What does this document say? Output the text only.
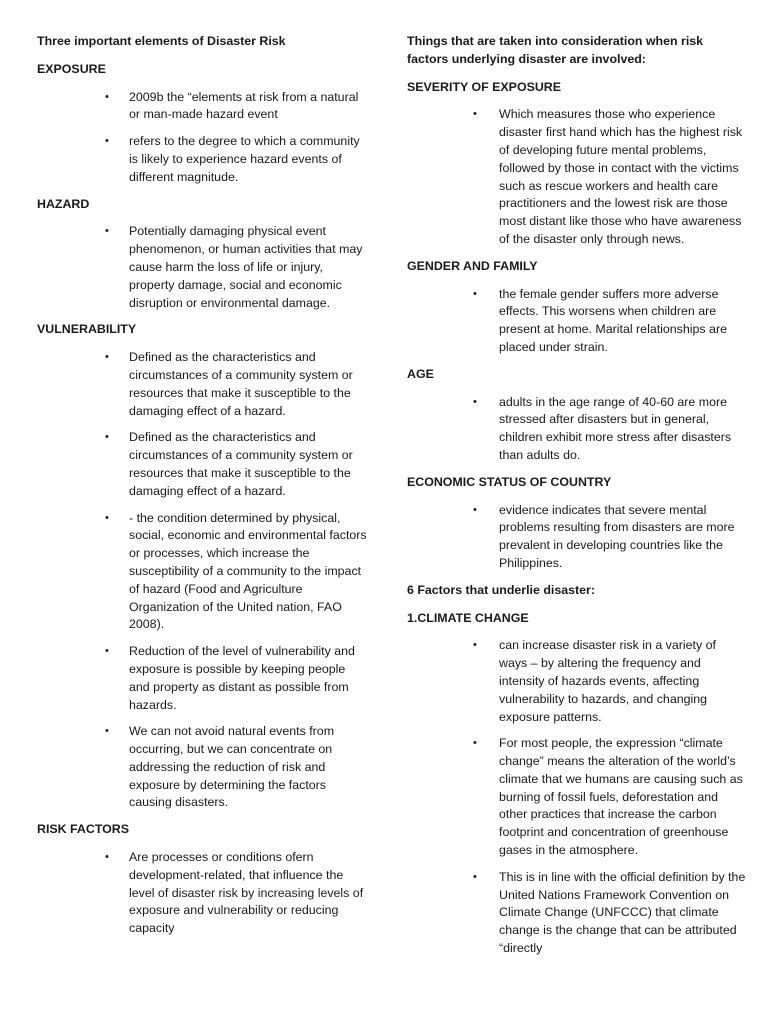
Three important elements of Disaster Risk
EXPOSURE
• 2009b the “elements at risk from a natural or man-made hazard event
• refers to the degree to which a community is likely to experience hazard events of different magnitude.
HAZARD
• Potentially damaging physical event phenomenon, or human activities that may cause harm the loss of life or injury, property damage, social and economic disruption or environmental damage.
VULNERABILITY
• Defined as the characteristics and circumstances of a community system or resources that make it susceptible to the damaging effect of a hazard.
• Defined as the characteristics and circumstances of a community system or resources that make it susceptible to the damaging effect of a hazard.
• - the condition determined by physical, social, economic and environmental factors or processes, which increase the susceptibility of a community to the impact of hazard (Food and Agriculture Organization of the United nation, FAO 2008).
• Reduction of the level of vulnerability and exposure is possible by keeping people and property as distant as possible from hazards.
• We can not avoid natural events from occurring, but we can concentrate on addressing the reduction of risk and exposure by determining the factors causing disasters.
RISK FACTORS
• Are processes or conditions ofern development-related, that influence the level of disaster risk by increasing levels of exposure and vulnerability or reducing capacity
Things that are taken into consideration when risk factors underlying disaster are involved:
SEVERITY OF EXPOSURE
• Which measures those who experience disaster first hand which has the highest risk of developing future mental problems, followed by those in contact with the victims such as rescue workers and health care practitioners and the lowest risk are those most distant like those who have awareness of the disaster only through news.
GENDER AND FAMILY
• the female gender suffers more adverse effects. This worsens when children are present at home. Marital relationships are placed under strain.
AGE
• adults in the age range of 40-60 are more stressed after disasters but in general, children exhibit more stress after disasters than adults do.
ECONOMIC STATUS OF COUNTRY
• evidence indicates that severe mental problems resulting from disasters are more prevalent in developing countries like the Philippines.
6 Factors that underlie disaster:
1.CLIMATE CHANGE
• can increase disaster risk in a variety of ways – by altering the frequency and intensity of hazards events, affecting vulnerability to hazards, and changing exposure patterns.
• For most people, the expression “climate change” means the alteration of the world’s climate that we humans are causing such as burning of fossil fuels, deforestation and other practices that increase the carbon footprint and concentration of greenhouse gases in the atmosphere.
• This is in line with the official definition by the United Nations Framework Convention on Climate Change (UNFCCC) that climate change is the change that can be attributed “directly
